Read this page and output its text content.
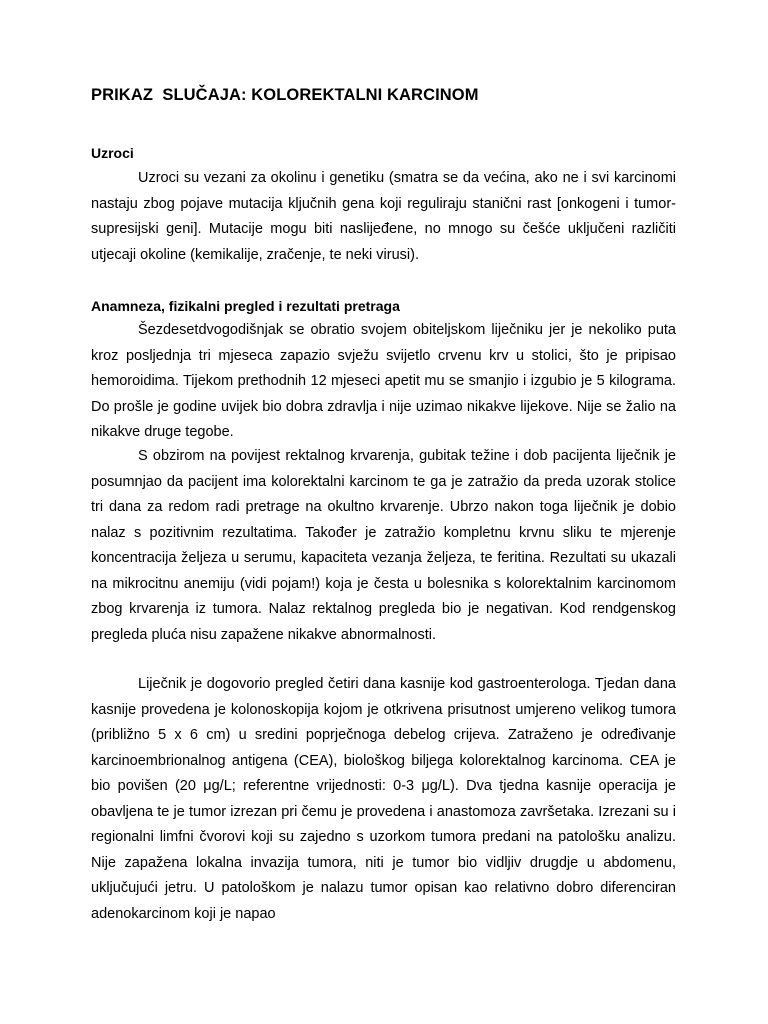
PRIKAZ  SLUČAJA: KOLOREKTALNI KARCINOM
Uzroci

Uzroci su vezani za okolinu i genetiku (smatra se da većina, ako ne i svi karcinomi nastaju zbog pojave mutacija ključnih gena koji reguliraju stanični rast [onkogeni i tumor-supresijski geni]. Mutacije mogu biti naslijeđene, no mnogo su češće uključeni različiti utjecaji okoline (kemikalije, zračenje, te neki virusi).

Anamneza, fizikalni pregled i rezultati pretraga

Šezdesetdvogodišnjak se obratio svojem obiteljskom liječniku jer je nekoliko puta kroz posljednja tri mjeseca zapazio svježu svijetlo crvenu krv u stolici, što je pripisao hemoroidima. Tijekom prethodnih 12 mjeseci apetit mu se smanjio i izgubio je 5 kilograma. Do prošle je godine uvijek bio dobra zdravlja i nije uzimao nikakve lijekove. Nije se žalio na nikakve druge tegobe.

S obzirom na povijest rektalnog krvarenja, gubitak težine i dob pacijenta liječnik je posumnjao da pacijent ima kolorektalni karcinom te ga je zatražio da preda uzorak stolice tri dana za redom radi pretrage na okultno krvarenje. Ubrzo nakon toga liječnik je dobio nalaz s pozitivnim rezultatima. Također je zatražio kompletnu krvnu sliku te mjerenje koncentracija željeza u serumu, kapaciteta vezanja željeza, te feritina. Rezultati su ukazali na mikrocitnu anemiju (vidi pojam!) koja je česta u bolesnika s kolorektalnim karcinomom zbog krvarenja iz tumora. Nalaz rektalnog pregleda bio je negativan. Kod rendgenskog pregleda pluća nisu zapažene nikakve abnormalnosti.

Liječnik je dogovorio pregled četiri dana kasnije kod gastroenterologa. Tjedan dana kasnije provedena je kolonoskopija kojom je otkrivena prisutnost umjereno velikog tumora (približno 5 x 6 cm) u sredini poprječnoga debelog crijeva. Zatraženo je određivanje karcinoembrionalnog antigena (CEA), biološkog biljega kolorektalnog karcinoma. CEA je bio povišen (20 μg/L; referentne vrijednosti: 0-3 μg/L). Dva tjedna kasnije operacija je obavljena te je tumor izrezan pri čemu je provedena i anastomoza završetaka. Izrezani su i regionalni limfni čvorovi koji su zajedno s uzorkom tumora predani na patološku analizu. Nije zapažena lokalna invazija tumora, niti je tumor bio vidljiv drugdje u abdomenu, uključujući jetru. U patološkom je nalazu tumor opisan kao relativno dobro diferenciran adenokarcinom koji je napao
